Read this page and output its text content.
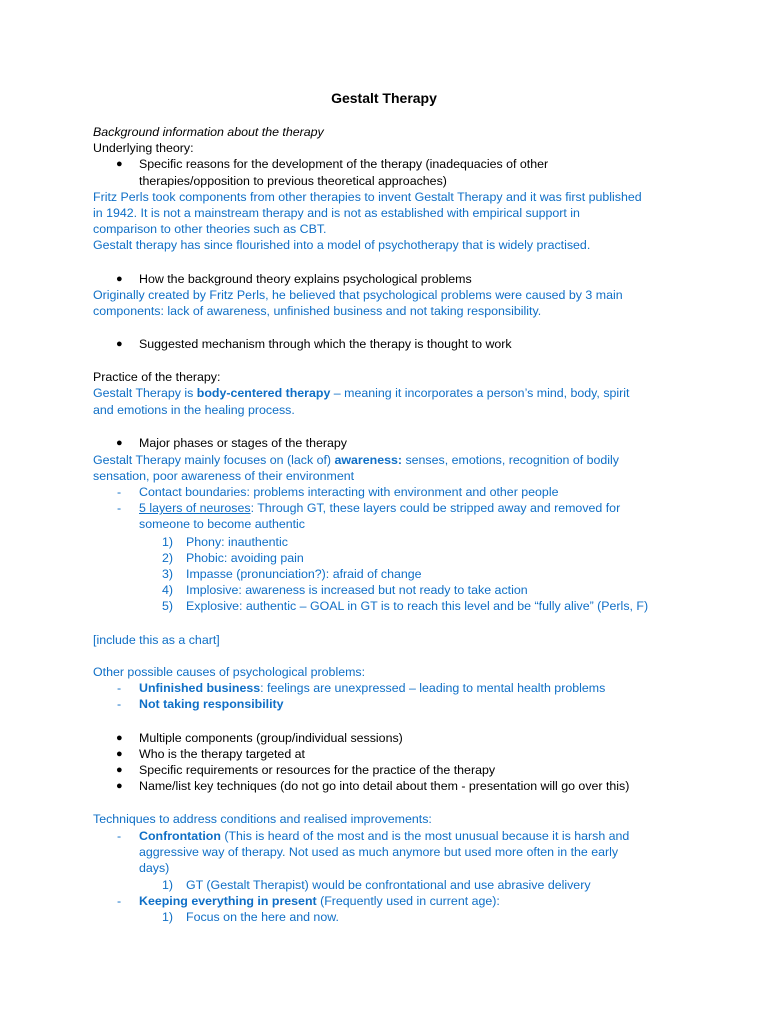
Gestalt Therapy
Background information about the therapy
Underlying theory:
● Specific reasons for the development of the therapy (inadequacies of other
therapies/opposition to previous theoretical approaches)
Fritz Perls took components from other therapies to invent Gestalt Therapy and it was first published
in 1942. It is not a mainstream therapy and is not as established with empirical support in
comparison to other theories such as CBT.
Gestalt therapy has since flourished into a model of psychotherapy that is widely practised.
● How the background theory explains psychological problems
Originally created by Fritz Perls, he believed that psychological problems were caused by 3 main
components: lack of awareness, unfinished business and not taking responsibility.
● Suggested mechanism through which the therapy is thought to work
Practice of the therapy:
Gestalt Therapy is body-centered therapy – meaning it incorporates a person’s mind, body, spirit
and emotions in the healing process.
● Major phases or stages of the therapy
Gestalt Therapy mainly focuses on (lack of) awareness: senses, emotions, recognition of bodily
sensation, poor awareness of their environment
- Contact boundaries: problems interacting with environment and other people
- 5 layers of neuroses: Through GT, these layers could be stripped away and removed for
someone to become authentic
1) Phony: inauthentic
2) Phobic: avoiding pain
3) Impasse (pronunciation?): afraid of change
4) Implosive: awareness is increased but not ready to take action
5) Explosive: authentic – GOAL in GT is to reach this level and be “fully alive” (Perls, F)
[include this as a chart]
Other possible causes of psychological problems:
- Unfinished business: feelings are unexpressed – leading to mental health problems
- Not taking responsibility
● Multiple components (group/individual sessions)
● Who is the therapy targeted at
● Specific requirements or resources for the practice of the therapy
● Name/list key techniques (do not go into detail about them - presentation will go over this)
Techniques to address conditions and realised improvements:
- Confrontation (This is heard of the most and is the most unusual because it is harsh and
aggressive way of therapy. Not used as much anymore but used more often in the early
days)
1) GT (Gestalt Therapist) would be confrontational and use abrasive delivery
- Keeping everything in present (Frequently used in current age):
1) Focus on the here and now.
